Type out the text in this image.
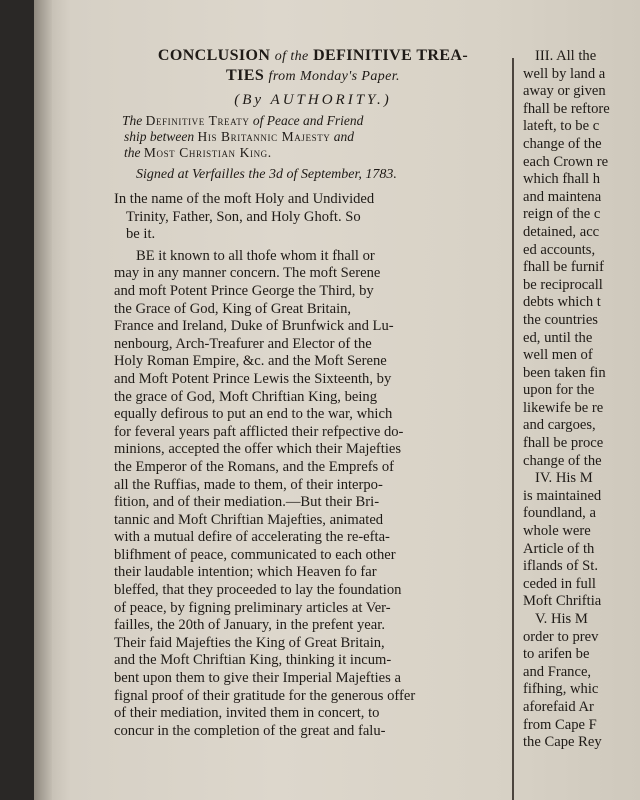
CONCLUSION of the DEFINITIVE TREA-
TIES from Monday's Paper.

(By AUTHORITY.)

The Definitive Treaty of Peace and Friend
ship between His Britannic Majesty and
the Most Christian King.

Signed at Verfailles the 3d of September, 1783.

In the name of the moft Holy and Undivided
Trinity, Father, Son, and Holy Ghoft. So
be it.

BE it known to all thofe whom it fhall or
may in any manner concern. The moft Serene
and moft Potent Prince George the Third, by
the Grace of God, King of Great Britain,
France and Ireland, Duke of Brunfwick and Lu-
nenbourg, Arch-Treafurer and Elector of the
Holy Roman Empire, &c. and the Moft Serene
and Moft Potent Prince Lewis the Sixteenth, by
the grace of God, Moft Chriftian King, being
equally defirous to put an end to the war, which
for feveral years paft afflicted their refpective do-
minions, accepted the offer which their Majefties
the Emperor of the Romans, and the Emprefs of
all the Ruffias, made to them, of their interpo-
fition, and of their mediation.—But their Bri-
tannic and Moft Chriftian Majefties, animated
with a mutual defire of accelerating the re-efta-
blifhment of peace, communicated to each other
their laudable intention; which Heaven fo far
bleffed, that they proceeded to lay the foundation
of peace, by figning preliminary articles at Ver-
failles, the 20th of January, in the prefent year.
Their faid Majefties the King of Great Britain,
and the Moft Chriftian King, thinking it incum-
bent upon them to give their Imperial Majefties a
fignal proof of their gratitude for the generous offer
of their mediation, invited them in concert, to
concur in the completion of the great and falu-

III. All the
well by land a
away or given
fhall be reftore
lateft, to be c
change of the
each Crown re
which fhall h
and maintena
reign of the c
detained, acc
ed accounts,
fhall be furnif
be reciprocall
debts which t
the countries
ed, until the
well men of
been taken fin
upon for the
likewife be re
and cargoes,
fhall be proce
change of the
IV. His M
is maintained
foundland, a
whole were
Article of th
iflands of St.
ceded in full
Moft Chriftia
V. His M
order to prev
to arifen be
and France,
fifhing, whic
aforefaid Ar
from Cape F
the Cape Rey
